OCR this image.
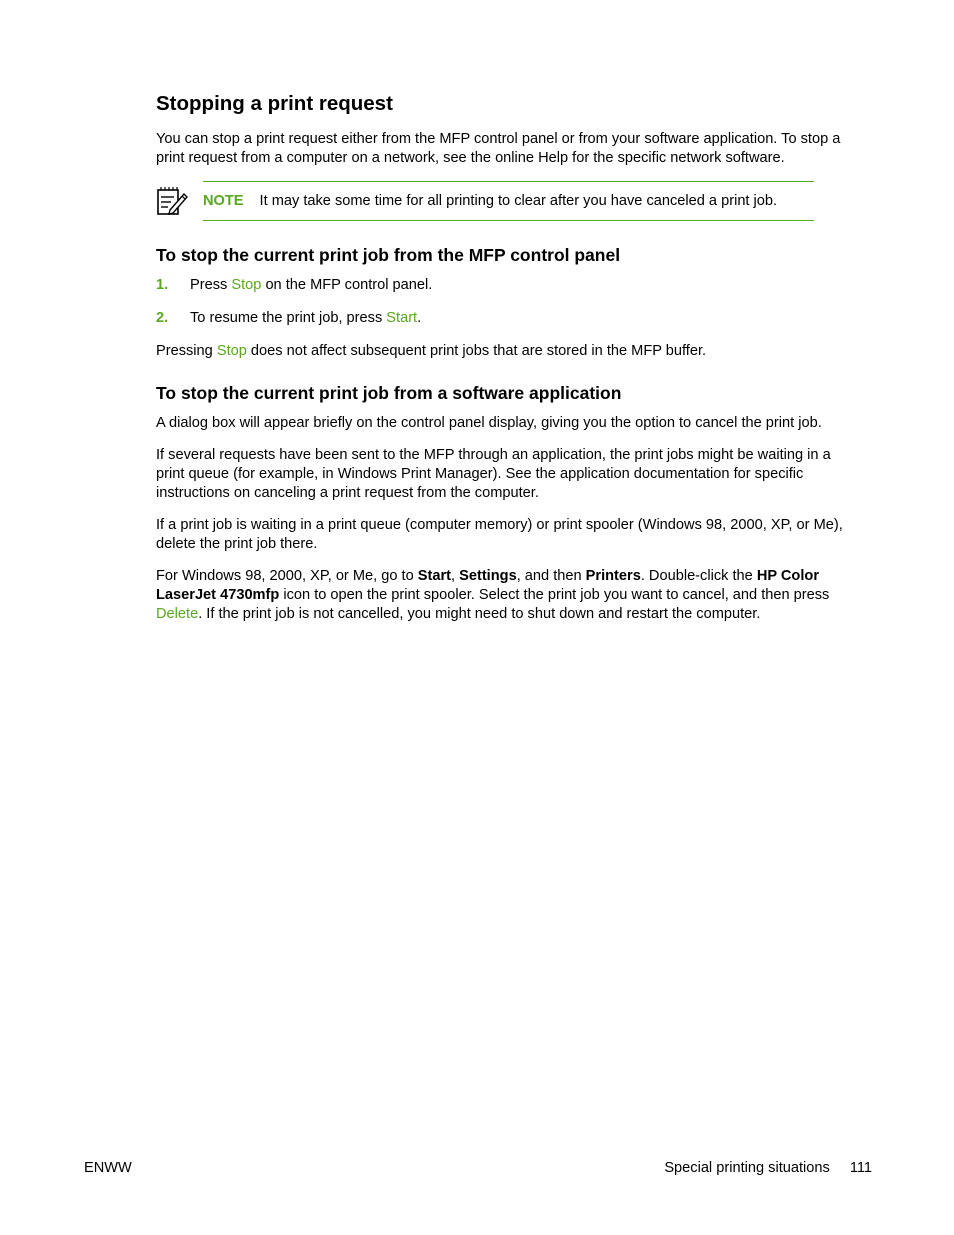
Stopping a print request

You can stop a print request either from the MFP control panel or from your software application. To stop a print request from a computer on a network, see the online Help for the specific network software.

NOTE It may take some time for all printing to clear after you have canceled a print job.
To stop the current print job from the MFP control panel
1. Press Stop on the MFP control panel.
2. To resume the print job, press Start.

Pressing Stop does not affect subsequent print jobs that are stored in the MFP buffer.

To stop the current print job from a software application

A dialog box will appear briefly on the control panel display, giving you the option to cancel the print job.

If several requests have been sent to the MFP through an application, the print jobs might be waiting in a print queue (for example, in Windows Print Manager). See the application documentation for specific instructions on canceling a print request from the computer.

If a print job is waiting in a print queue (computer memory) or print spooler (Windows 98, 2000, XP, or Me), delete the print job there.

For Windows 98, 2000, XP, or Me, go to Start, Settings, and then Printers. Double-click the HP Color LaserJet 4730mfp icon to open the print spooler. Select the print job you want to cancel, and then press Delete. If the print job is not cancelled, you might need to shut down and restart the computer.

ENWW	Special printing situations 111
